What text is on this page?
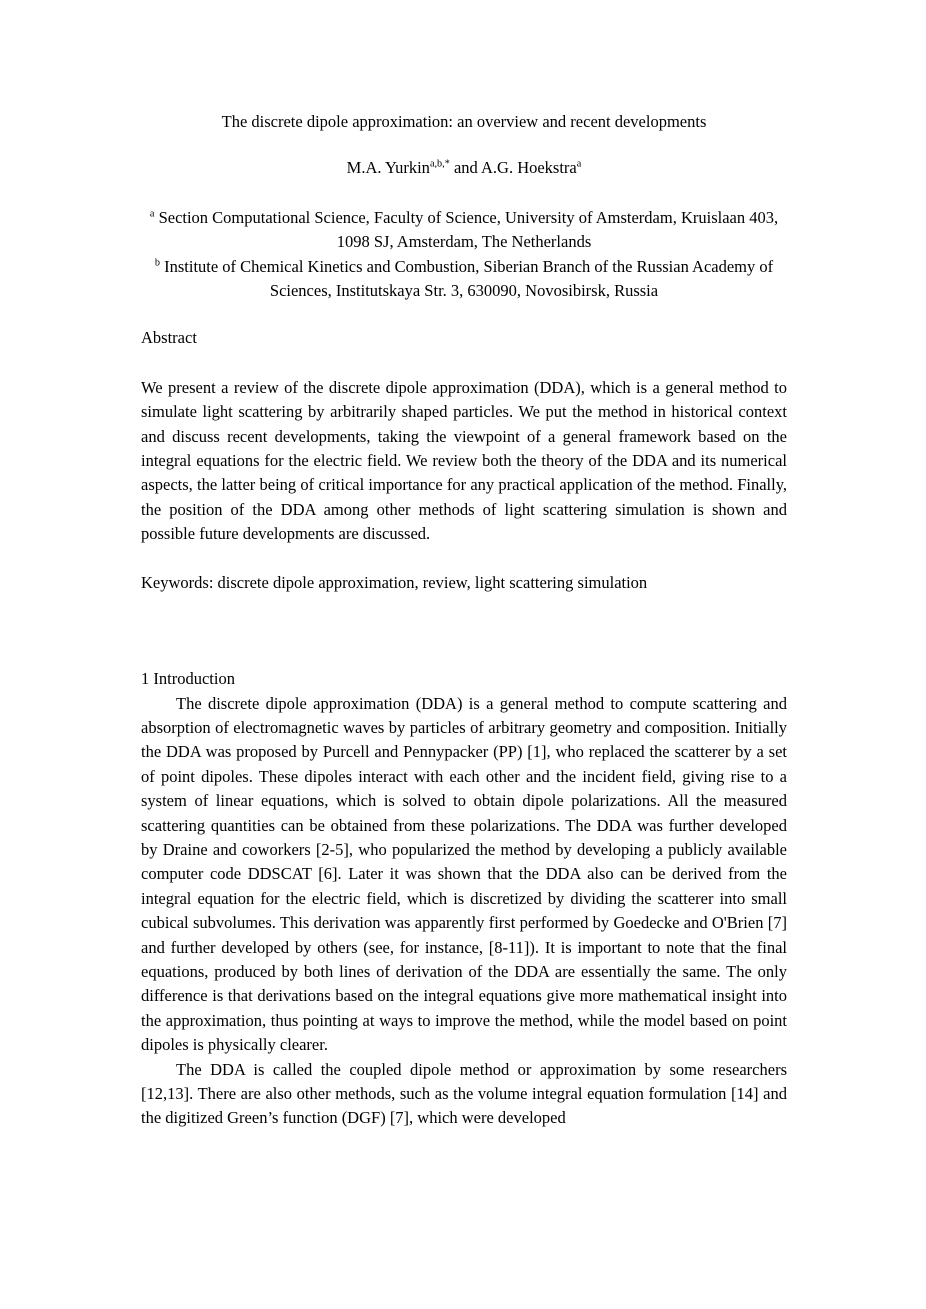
The discrete dipole approximation: an overview and recent developments
M.A. Yurkin$^{a,b,*}$ and A.G. Hoekstra$^a$
$^a$ Section Computational Science, Faculty of Science, University of Amsterdam, Kruislaan 403, 1098 SJ, Amsterdam, The Netherlands
$^b$ Institute of Chemical Kinetics and Combustion, Siberian Branch of the Russian Academy of Sciences, Institutskaya Str. 3, 630090, Novosibirsk, Russia
Abstract

We present a review of the discrete dipole approximation (DDA), which is a general method to simulate light scattering by arbitrarily shaped particles. We put the method in historical context and discuss recent developments, taking the viewpoint of a general framework based on the integral equations for the electric field. We review both the theory of the DDA and its numerical aspects, the latter being of critical importance for any practical application of the method. Finally, the position of the DDA among other methods of light scattering simulation is shown and possible future developments are discussed.

Keywords: discrete dipole approximation, review, light scattering simulation

1 Introduction

The discrete dipole approximation (DDA) is a general method to compute scattering and absorption of electromagnetic waves by particles of arbitrary geometry and composition. Initially the DDA was proposed by Purcell and Pennypacker (PP) [1], who replaced the scatterer by a set of point dipoles. These dipoles interact with each other and the incident field, giving rise to a system of linear equations, which is solved to obtain dipole polarizations. All the measured scattering quantities can be obtained from these polarizations. The DDA was further developed by Draine and coworkers [2-5], who popularized the method by developing a publicly available computer code DDSCAT [6]. Later it was shown that the DDA also can be derived from the integral equation for the electric field, which is discretized by dividing the scatterer into small cubical subvolumes. This derivation was apparently first performed by Goedecke and O'Brien [7] and further developed by others (see, for instance, [8-11]). It is important to note that the final equations, produced by both lines of derivation of the DDA are essentially the same. The only difference is that derivations based on the integral equations give more mathematical insight into the approximation, thus pointing at ways to improve the method, while the model based on point dipoles is physically clearer.

The DDA is called the coupled dipole method or approximation by some researchers [12,13]. There are also other methods, such as the volume integral equation formulation [14] and the digitized Green’s function (DGF) [7], which were developed
